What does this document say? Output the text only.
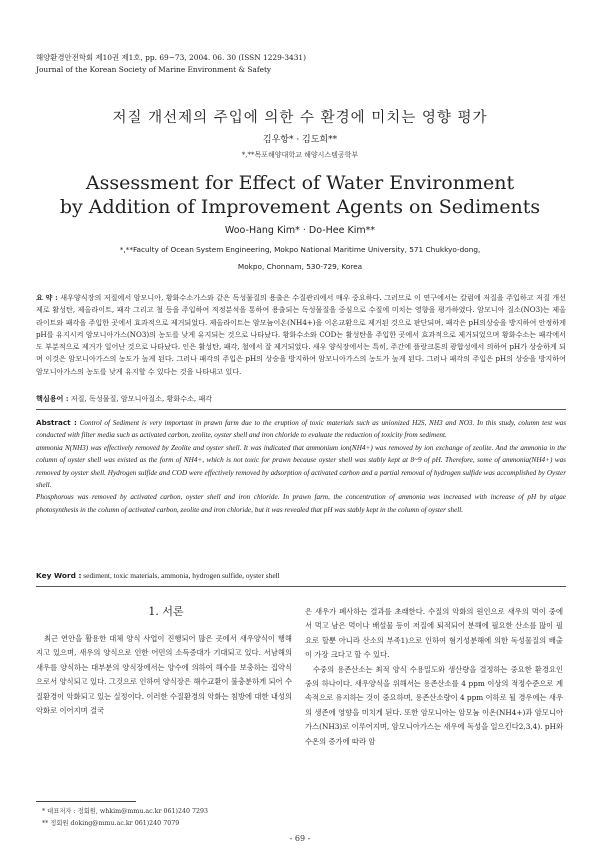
해양환경안전학회 제10권 제1호, pp. 69~73, 2004. 06. 30 (ISSN 1229-3431)
Journal of the Korean Society of Marine Environment & Safety
저질 개선제의 주입에 의한 수 환경에 미치는 영향 평가
김우항* · 김도희**
*,**목포해양대학교 해양시스템공학부
Assessment for Effect of Water Environment
by Addition of Improvement Agents on Sediments
Woo-Hang Kim* · Do-Hee Kim**
*,**Faculty of Ocean System Engineering, Mokpo National Maritime University, 571 Chukkyo-dong,
Mokpo, Chonnam, 530-729, Korea
요 약 : 새우양식장의 저질에서 암모니아, 황화수소가스와 같은 독성물질의 용출은 수질관리에서 매우 중요하다. 그러므로 이 연구에서는 칼럼에 저질을 주입하고 저질 개선제로 활성탄, 제올라이트, 패각 그리고 철 등을 주입하여 적정분석을 통하여 용출되는 독성물질을 중심으로 수질에 미치는 영향을 평가하였다. 암모니아 질소(NO3)는 제올라이트와 패각을 주입한 곳에서 효과적으로 제거되었다. 제올라이트는 암모늄이온(NH4+)을 이온교환으로 제거된 것으로 판단되며, 패각은 pH의상승을 방지하여 안정하게 pH를 유지시켜 암모니아가스(NO3)의 농도를 낮게 유지되는 것으로 나타났다. 황화수소와 COD는 활성탄을 주입한 곳에서 효과적으로 제거되었으며 황화수소는 패각에서도 부분적으로 제거가 일어난 것으로 나타났다. 인은 활성탄, 패각, 철에서 잘 제거되었다. 새우 양식장에서는 특히, 주간에 플랑크톤의 광합성에서 의하여 pH가 상승하게 되며 이것은 암모니아가스의 농도가 높게 된다. 그러나 패각의 주입은 pH의 상승을 방지하여 암모니아가스의 농도가 높게 된다. 그러나 패각의 주입은 pH의 상승을 방지하여 암모니아가스의 농도를 낮게 유지할 수 있다는 것을 나타내고 있다.
핵심용어 : 저질, 독성물질, 암모니아질소, 황화수소, 패각

Abstract : Control of Sediment is very important in prawn farm due to the eruption of toxic materials such as unionized H2S, NH3 and NO3. In this study, column test was conducted with filter media such as activated carbon, zeolite, oyster shell and iron chloride to evaluate the reduction of toxicity from sediment.

ammonia N(NH3) was effectively removed by Zeolite and oyster shell. It was indicated that ammonium ion(NH4+) was removed by ion exchange of zeolite. And the ammonia in the column of oyster shell was existed as the form of NH4+, which is not toxic for prawn because oyster shell was stably kept at 8~9 of pH. Therefore, some of ammonia(NH4+) was removed by oyster shell. Hydrogen sulfide and COD were effectively removed by adsorption of activated carbon and a partial removal of hydrogen sulfide was accomplished by Oyster shell.

Phosphorous was removed by activated carbon, oyster shell and iron chloride. In prawn farm, the concentration of ammonia was increased with increase of pH by algae photosynthesis in the column of activated carbon, zeolite and iron chloride, but it was revealed that pH was stably kept in the column of oyster shell.

Key Word : sediment, toxic materials, ammonia, hydrogen sulfide, oyster shell
1. 서론

최근 연안을 활용한 대체 양식 사업이 진행되어 많은 곳에서 새우양식이 행해지고 있으며, 새우의 양식으로 인한 어민의 소득증대가 기대되고 있다. 서남해의 새우를 양식하는 대부분의 양식장에서는 양수에 의하여 해수를 보충하는 집약식으로서 양식되고 있다. 그것으로 인하여 양식장은 해수교환이 불충분하게 되어 수질환경이 악화되고 있는 실정이다. 이러한 수질환경의 악화는 침방에 대한 내성의 악화로 이어지며 결국

은 새우가 폐사하는 결과를 초래한다. 수질의 악화의 원인으로 새우의 먹이 중에서 먹고 남은 먹이나 배설물 등이 저질에 퇴적되어 분해에 필요한 산소를 많이 필요로 할뿐 아니라 산소의 부족1)으로 인하여 혐기성분해에 의한 독성물질의 배출이 가장 크다고 할 수 있다.

수중의 용존산소는 최적 양식 수용밀도와 생산량을 결정하는 중요한 환경요인 중의 하나이다. 새우양식을 위해서는 용존산소를 4 ppm 이상의 적정수준으로 계속적으로 유지하는 것이 중요하며, 용존산소량이 4 ppm 이하로 될 경우에는 새우의 생존에 영향을 미치게 된다. 또한 암모니아는 암모늄 이온(NH4+)과 암모니아가스(NH3)로 이루어지며, 암모니아가스는 새우에 독성을 일으킨다2,3,4). pH와 수온의 증가에 따라 암

* 대표저자 : 정회원, whkim@mmu.ac.kr 061)240 7293
** 정회원 doking@mmu.ac.kr 061)240 7079
- 69 -
